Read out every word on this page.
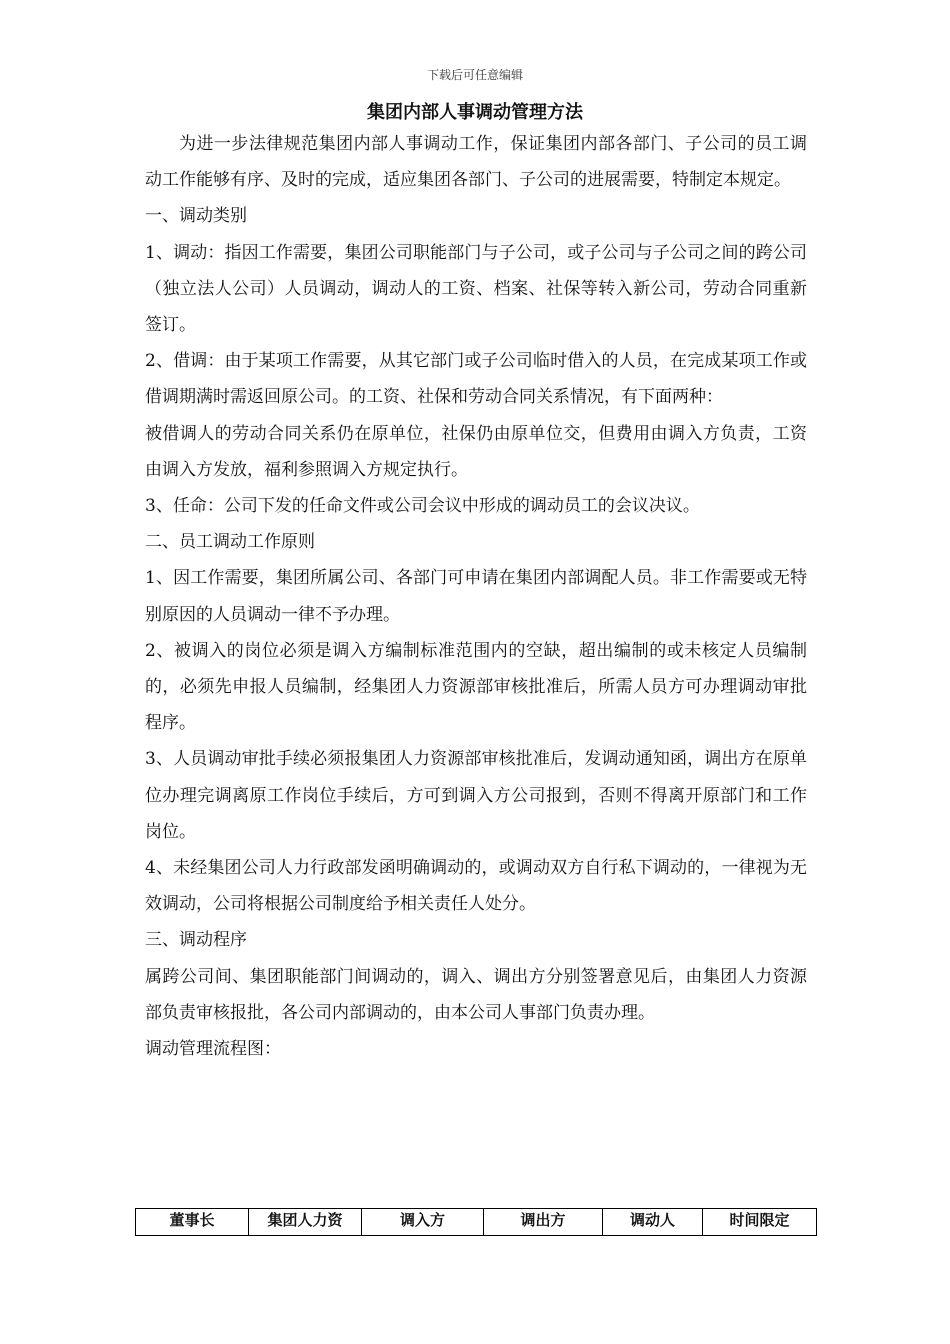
下载后可任意编辑
集团内部人事调动管理方法

为进一步法律规范集团内部人事调动工作，保证集团内部各部门、子公司的员工调动工作能够有序、及时的完成，适应集团各部门、子公司的进展需要，特制定本规定。

一、调动类别

1、调动：指因工作需要，集团公司职能部门与子公司，或子公司与子公司之间的跨公司（独立法人公司）人员调动，调动人的工资、档案、社保等转入新公司，劳动合同重新签订。

2、借调：由于某项工作需要，从其它部门或子公司临时借入的人员，在完成某项工作或借调期满时需返回原公司。的工资、社保和劳动合同关系情况，有下面两种：

被借调人的劳动合同关系仍在原单位，社保仍由原单位交，但费用由调入方负责，工资由调入方发放，福利参照调入方规定执行。

3、任命：公司下发的任命文件或公司会议中形成的调动员工的会议决议。

二、员工调动工作原则

1、因工作需要，集团所属公司、各部门可申请在集团内部调配人员。非工作需要或无特别原因的人员调动一律不予办理。

2、被调入的岗位必须是调入方编制标准范围内的空缺，超出编制的或未核定人员编制的，必须先申报人员编制，经集团人力资源部审核批准后，所需人员方可办理调动审批程序。

3、人员调动审批手续必须报集团人力资源部审核批准后，发调动通知函，调出方在原单位办理完调离原工作岗位手续后，方可到调入方公司报到，否则不得离开原部门和工作岗位。

4、未经集团公司人力行政部发函明确调动的，或调动双方自行私下调动的，一律视为无效调动，公司将根据公司制度给予相关责任人处分。

三、调动程序

属跨公司间、集团职能部门间调动的，调入、调出方分别签署意见后，由集团人力资源部负责审核报批，各公司内部调动的，由本公司人事部门负责办理。

调动管理流程图：

董事长	集团人力资	调入方	调出方	调动人	时间限定
